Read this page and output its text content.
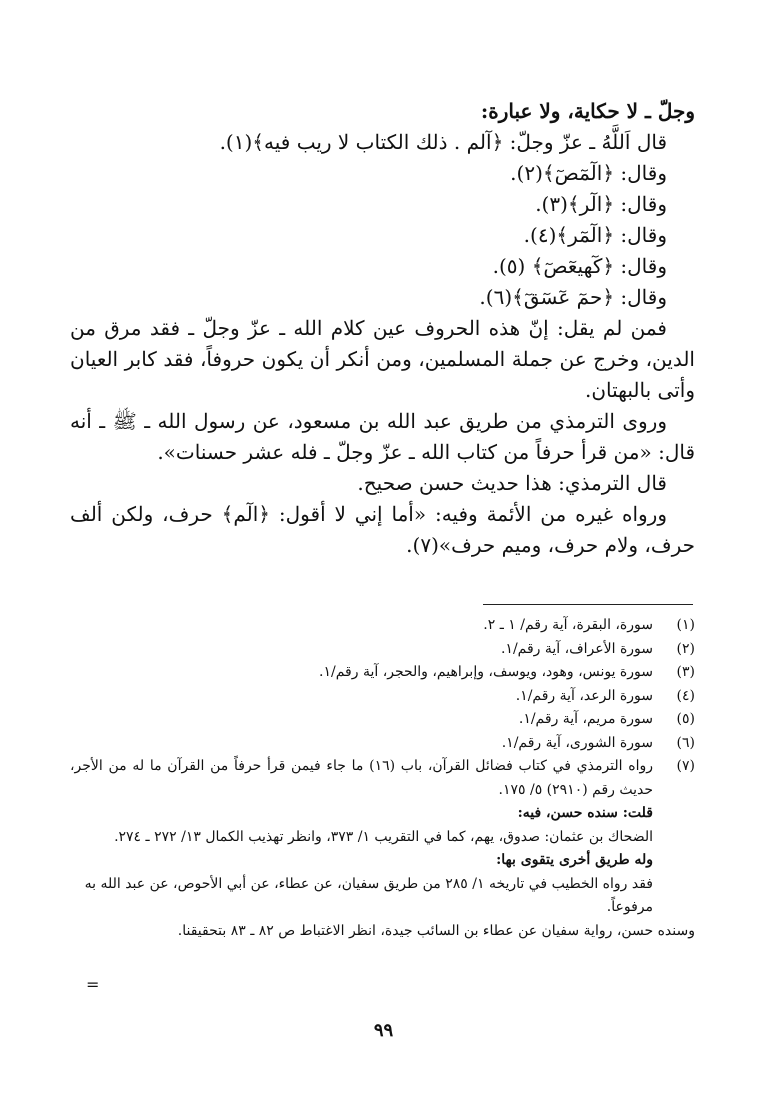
وجلّ ـ لا حكاية، ولا عبارة:
قال اَللَّهُ ـ عزّ وجلّ: ﴿آلم . ذلك الكتاب لا ريب فيه﴾(١).
وقال: ﴿الٓمٓصٓ﴾(٢).
وقال: ﴿الٓر﴾(٣).
وقال: ﴿الٓمٓر﴾(٤).
وقال: ﴿كٓهيعٓصٓ﴾ (٥).
وقال: ﴿حمٓ عٓسٓقٓ﴾(٦).
فمن لم يقل: إنّ هذه الحروف عين كلام الله ـ عزّ وجلّ ـ فقد مرق من الدين، وخرج عن جملة المسلمين، ومن أنكر أن يكون حروفاً، فقد كابر العيان وأتى بالبهتان.
وروى الترمذي من طريق عبد الله بن مسعود، عن رسول الله ـ ﷺ ـ أنه قال: «من قرأ حرفاً من كتاب الله ـ عزّ وجلّ ـ فله عشر حسنات».
قال الترمذي: هذا حديث حسن صحيح.
ورواه غيره من الأئمة وفيه: «أما إني لا أقول: ﴿الٓم﴾ حرف، ولكن ألف حرف، ولام حرف، وميم حرف»(٧).
(١)
سورة، البقرة، آية رقم/ ١ ـ ٢.
(٢)
سورة الأعراف، آية رقم/١.
(٣)
سورة يونس، وهود، ويوسف، وإبراهيم، والحجر، آية رقم/١.
(٤)
سورة الرعد، آية رقم/١.
(٥)
سورة مريم، آية رقم/١.
(٦)
سورة الشورى، آية رقم/١.
(٧)
رواه الترمذي في كتاب فضائل القرآن، باب (١٦) ما جاء فيمن قرأ حرفاً من القرآن ما له من الأجر، حديث رقم (٢٩١٠) ٥/ ١٧٥.
قلت: سنده حسن، فيه:
الضحاك بن عثمان: صدوق، يهم، كما في التقريب ١/ ٣٧٣، وانظر تهذيب الكمال ١٣/ ٢٧٢ ـ ٢٧٤.
وله طريق أخرى يتقوى بها:
فقد رواه الخطيب في تاريخه ١/ ٢٨٥ من طريق سفيان، عن عطاء، عن أبي الأحوص، عن عبد الله به مرفوعاً.
وسنده حسن، رواية سفيان عن عطاء بن السائب جيدة، انظر الاغتباط ص ٨٢ ـ ٨٣ بتحقيقنا.
=
٩٩
